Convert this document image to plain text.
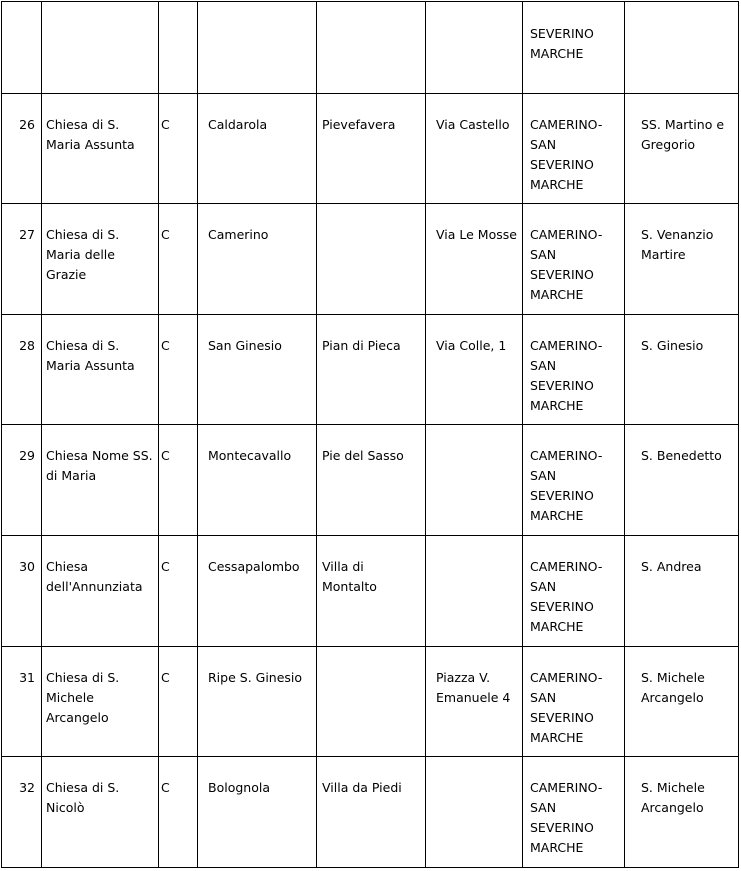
						SEVERINO MARCHE	

26	Chiesa di S. Maria Assunta	C	Caldarola	Pievefavera	Via Castello	CAMERINO-SAN SEVERINO MARCHE	SS. Martino e Gregorio

27	Chiesa di S. Maria delle Grazie	C	Camerino		Via Le Mosse	CAMERINO-SAN SEVERINO MARCHE	S. Venanzio Martire

28	Chiesa di S. Maria Assunta	C	San Ginesio	Pian di Pieca	Via Colle, 1	CAMERINO-SAN SEVERINO MARCHE	S. Ginesio

29	Chiesa Nome SS. di Maria	C	Montecavallo	Pie del Sasso		CAMERINO-SAN SEVERINO MARCHE	S. Benedetto

30	Chiesa dell'Annunziata	C	Cessapalombo	Villa di Montalto		CAMERINO-SAN SEVERINO MARCHE	S. Andrea

31	Chiesa di S. Michele Arcangelo	C	Ripe S. Ginesio		Piazza V. Emanuele 4	CAMERINO-SAN SEVERINO MARCHE	S. Michele Arcangelo

32	Chiesa di S. Nicolò	C	Bolognola	Villa da Piedi		CAMERINO-SAN SEVERINO MARCHE	S. Michele Arcangelo
